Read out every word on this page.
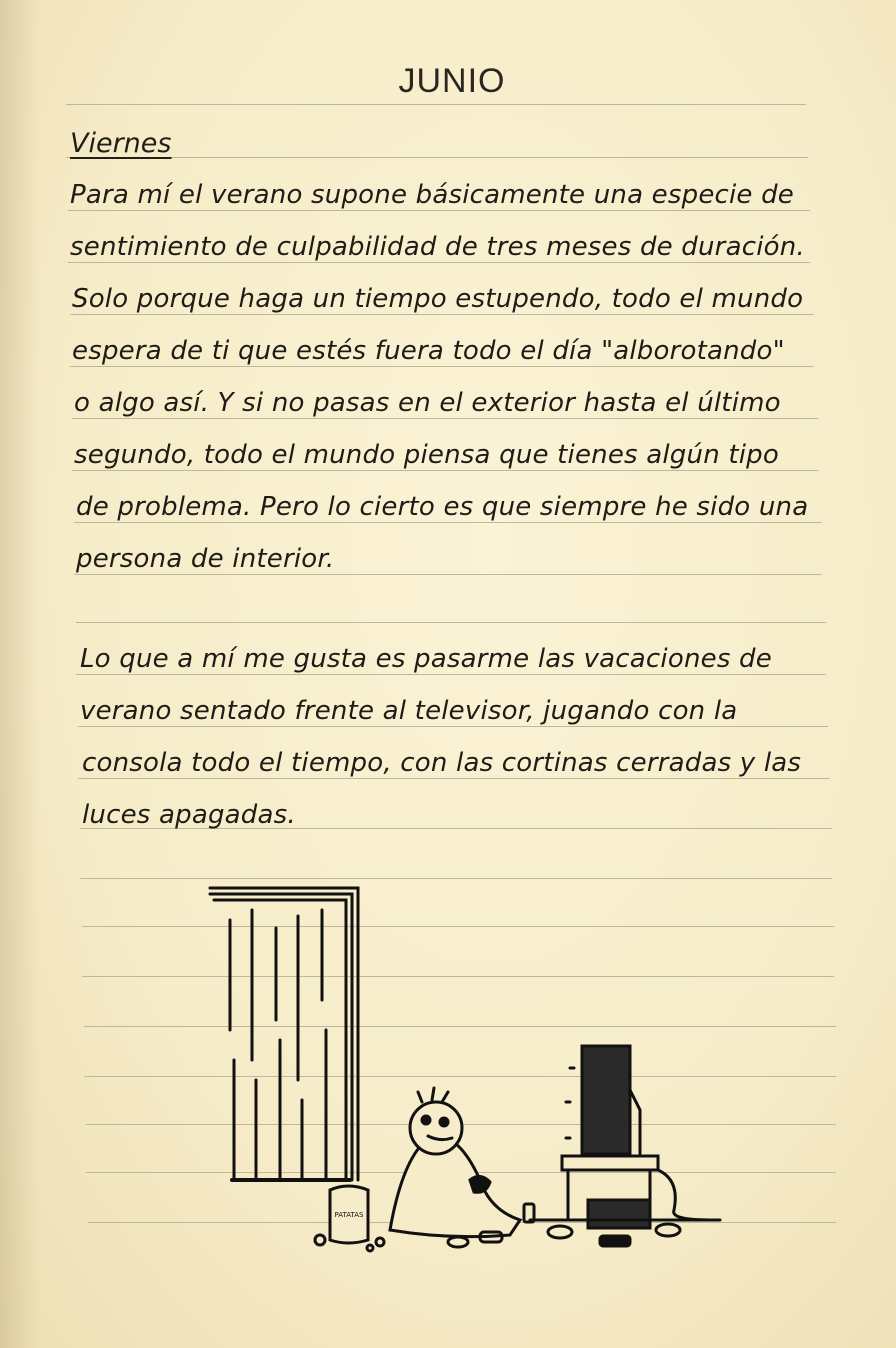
JUNIO
Viernes
Para mí el verano supone básicamente una especie de
sentimiento de culpabilidad de tres meses de duración.
Solo porque haga un tiempo estupendo, todo el mundo
espera de ti que estés fuera todo el día "alborotando"
o algo así. Y si no pasas en el exterior hasta el último
segundo, todo el mundo piensa que tienes algún tipo
de problema. Pero lo cierto es que siempre he sido una
persona de interior.
Lo que a mí me gusta es pasarme las vacaciones de
verano sentado frente al televisor, jugando con la
consola todo el tiempo, con las cortinas cerradas y las
luces apagadas.
PATATAS
